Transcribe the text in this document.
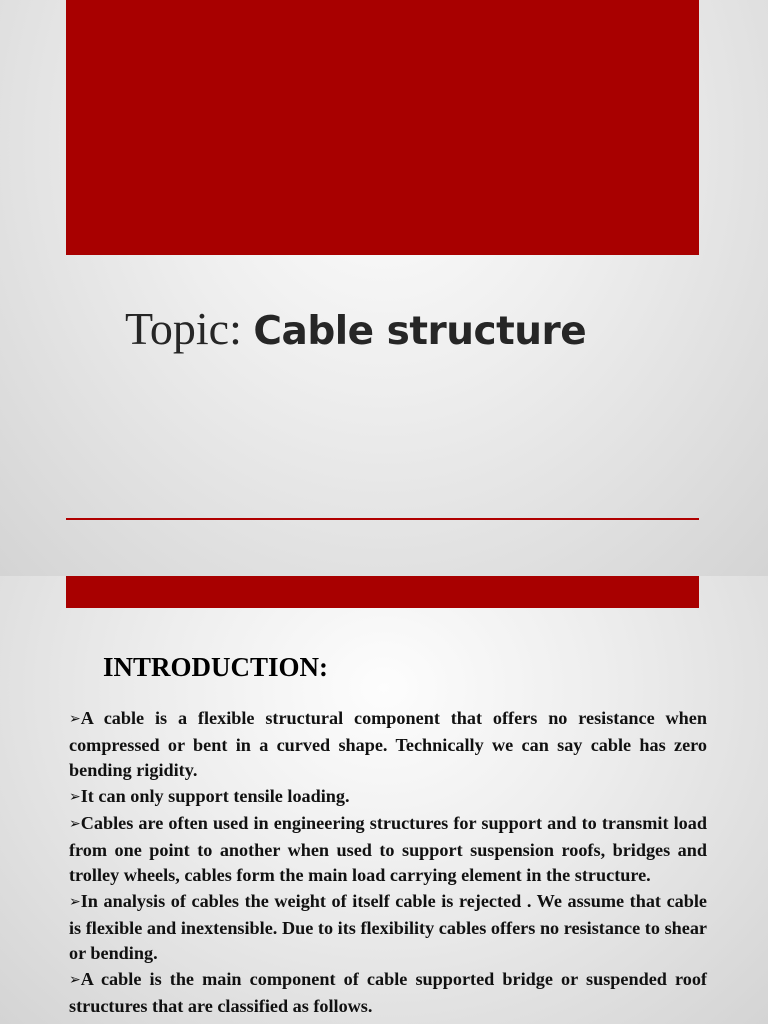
Topic: Cable structure
INTRODUCTION:

➢A cable is a flexible structural component that offers no resistance when compressed or bent in a curved shape. Technically we can say cable has zero bending rigidity.

➢It can only support tensile loading.

➢Cables are often used in engineering structures for support and to transmit load from one point to another when used to support suspension roofs, bridges and trolley wheels, cables form the main load carrying element in the structure.

➢In analysis of cables the weight of itself cable is rejected . We assume that cable is flexible and inextensible. Due to its flexibility cables offers no resistance to shear or bending.

➢A cable is the main component of cable supported bridge or suspended roof structures that are classified as follows.
